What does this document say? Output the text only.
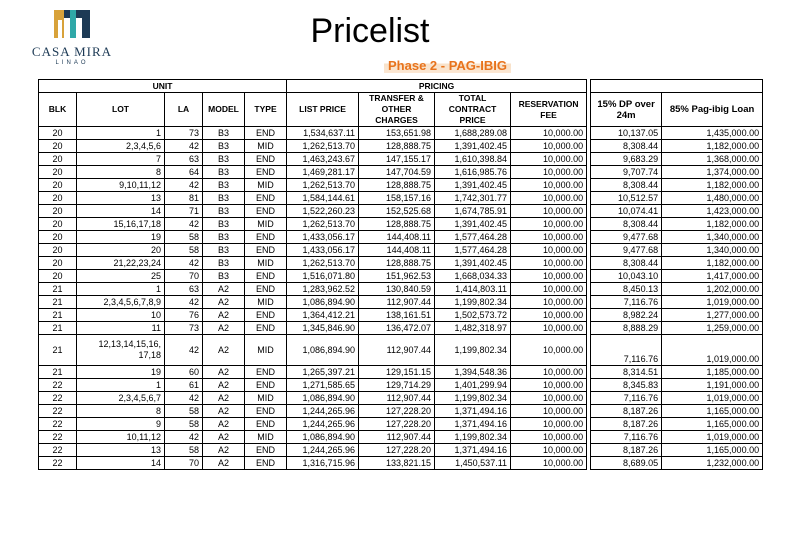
CASA MIRA
LINAO
Pricelist
Phase 2 - PAG-IBIG
UNIT					PRICING						
BLK	LOT	LA	MODEL	TYPE	LIST PRICE	TRANSFER & OTHER CHARGES	TOTAL CONTRACT PRICE	RESERVATION FEE		15% DP over 24m	85% Pag-ibig Loan
20	1	73	B3	END	1,534,637.11	153,651.98	1,688,289.08	10,000.00		10,137.05	1,435,000.00
20	2,3,4,5,6	42	B3	MID	1,262,513.70	128,888.75	1,391,402.45	10,000.00		8,308.44	1,182,000.00
20	7	63	B3	END	1,463,243.67	147,155.17	1,610,398.84	10,000.00		9,683.29	1,368,000.00
20	8	64	B3	END	1,469,281.17	147,704.59	1,616,985.76	10,000.00		9,707.74	1,374,000.00
20	9,10,11,12	42	B3	MID	1,262,513.70	128,888.75	1,391,402.45	10,000.00		8,308.44	1,182,000.00
20	13	81	B3	END	1,584,144.61	158,157.16	1,742,301.77	10,000.00		10,512.57	1,480,000.00
20	14	71	B3	END	1,522,260.23	152,525.68	1,674,785.91	10,000.00		10,074.41	1,423,000.00
20	15,16,17,18	42	B3	MID	1,262,513.70	128,888.75	1,391,402.45	10,000.00		8,308.44	1,182,000.00
20	19	58	B3	END	1,433,056.17	144,408.11	1,577,464.28	10,000.00		9,477.68	1,340,000.00
20	20	58	B3	END	1,433,056.17	144,408.11	1,577,464.28	10,000.00		9,477.68	1,340,000.00
20	21,22,23,24	42	B3	MID	1,262,513.70	128,888.75	1,391,402.45	10,000.00		8,308.44	1,182,000.00
20	25	70	B3	END	1,516,071.80	151,962.53	1,668,034.33	10,000.00		10,043.10	1,417,000.00
21	1	63	A2	END	1,283,962.52	130,840.59	1,414,803.11	10,000.00		8,450.13	1,202,000.00
21	2,3,4,5,6,7,8,9	42	A2	MID	1,086,894.90	112,907.44	1,199,802.34	10,000.00		7,116.76	1,019,000.00
21	10	76	A2	END	1,364,412.21	138,161.51	1,502,573.72	10,000.00		8,982.24	1,277,000.00
21	11	73	A2	END	1,345,846.90	136,472.07	1,482,318.97	10,000.00		8,888.29	1,259,000.00
21	12,13,14,15,16, 17,18	42	A2	MID	1,086,894.90	112,907.44	1,199,802.34	10,000.00		7,116.76	1,019,000.00
21	19	60	A2	END	1,265,397.21	129,151.15	1,394,548.36	10,000.00		8,314.51	1,185,000.00
22	1	61	A2	END	1,271,585.65	129,714.29	1,401,299.94	10,000.00		8,345.83	1,191,000.00
22	2,3,4,5,6,7	42	A2	MID	1,086,894.90	112,907.44	1,199,802.34	10,000.00		7,116.76	1,019,000.00
22	8	58	A2	END	1,244,265.96	127,228.20	1,371,494.16	10,000.00		8,187.26	1,165,000.00
22	9	58	A2	END	1,244,265.96	127,228.20	1,371,494.16	10,000.00		8,187.26	1,165,000.00
22	10,11,12	42	A2	MID	1,086,894.90	112,907.44	1,199,802.34	10,000.00		7,116.76	1,019,000.00
22	13	58	A2	END	1,244,265.96	127,228.20	1,371,494.16	10,000.00		8,187.26	1,165,000.00
22	14	70	A2	END	1,316,715.96	133,821.15	1,450,537.11	10,000.00		8,689.05	1,232,000.00
